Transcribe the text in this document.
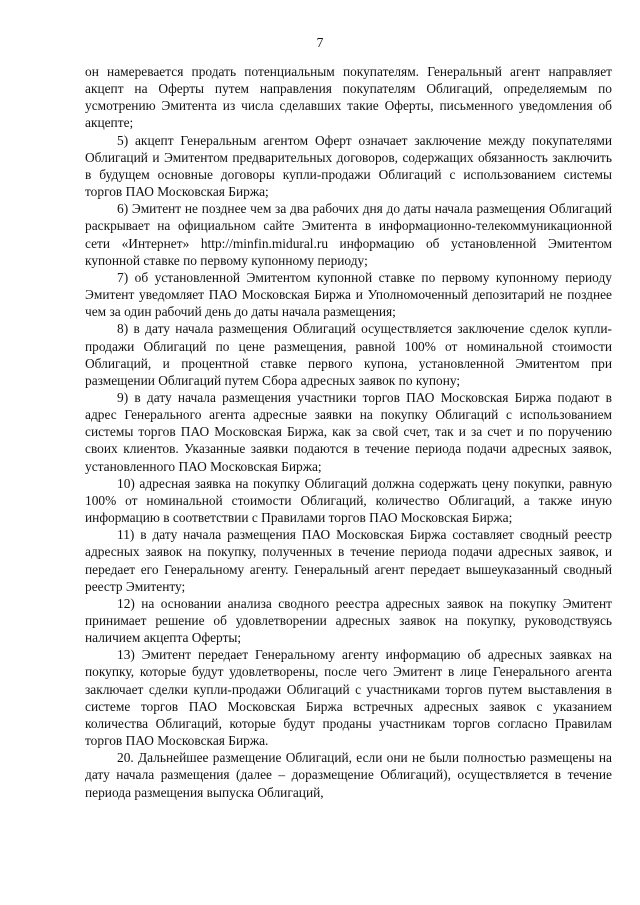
7

он намеревается продать потенциальным покупателям. Генеральный агент направляет акцепт на Оферты путем направления покупателям Облигаций, определяемым по усмотрению Эмитента из числа сделавших такие Оферты, письменного уведомления об акцепте;

5) акцепт Генеральным агентом Оферт означает заключение между покупателями Облигаций и Эмитентом предварительных договоров, содержащих обязанность заключить в будущем основные договоры купли-продажи Облигаций с использованием системы торгов ПАО Московская Биржа;

6) Эмитент не позднее чем за два рабочих дня до даты начала размещения Облигаций раскрывает на официальном сайте Эмитента в информационно-телекоммуникационной сети «Интернет» http://minfin.midural.ru информацию об установленной Эмитентом купонной ставке по первому купонному периоду;

7) об установленной Эмитентом купонной ставке по первому купонному периоду Эмитент уведомляет ПАО Московская Биржа и Уполномоченный депозитарий не позднее чем за один рабочий день до даты начала размещения;

8) в дату начала размещения Облигаций осуществляется заключение сделок купли-продажи Облигаций по цене размещения, равной 100% от номинальной стоимости Облигаций, и процентной ставке первого купона, установленной Эмитентом при размещении Облигаций путем Сбора адресных заявок по купону;

9) в дату начала размещения участники торгов ПАО Московская Биржа подают в адрес Генерального агента адресные заявки на покупку Облигаций с использованием системы торгов ПАО Московская Биржа, как за свой счет, так и за счет и по поручению своих клиентов. Указанные заявки подаются в течение периода подачи адресных заявок, установленного ПАО Московская Биржа;

10) адресная заявка на покупку Облигаций должна содержать цену покупки, равную 100% от номинальной стоимости Облигаций, количество Облигаций, а также иную информацию в соответствии с Правилами торгов ПАО Московская Биржа;

11) в дату начала размещения ПАО Московская Биржа составляет сводный реестр адресных заявок на покупку, полученных в течение периода подачи адресных заявок, и передает его Генеральному агенту. Генеральный агент передает вышеуказанный сводный реестр Эмитенту;

12) на основании анализа сводного реестра адресных заявок на покупку Эмитент принимает решение об удовлетворении адресных заявок на покупку, руководствуясь наличием акцепта Оферты;

13) Эмитент передает Генеральному агенту информацию об адресных заявках на покупку, которые будут удовлетворены, после чего Эмитент в лице Генерального агента заключает сделки купли-продажи Облигаций с участниками торгов путем выставления в системе торгов ПАО Московская Биржа встречных адресных заявок с указанием количества Облигаций, которые будут проданы участникам торгов согласно Правилам торгов ПАО Московская Биржа.

20. Дальнейшее размещение Облигаций, если они не были полностью размещены на дату начала размещения (далее – доразмещение Облигаций), осуществляется в течение периода размещения выпуска Облигаций,
